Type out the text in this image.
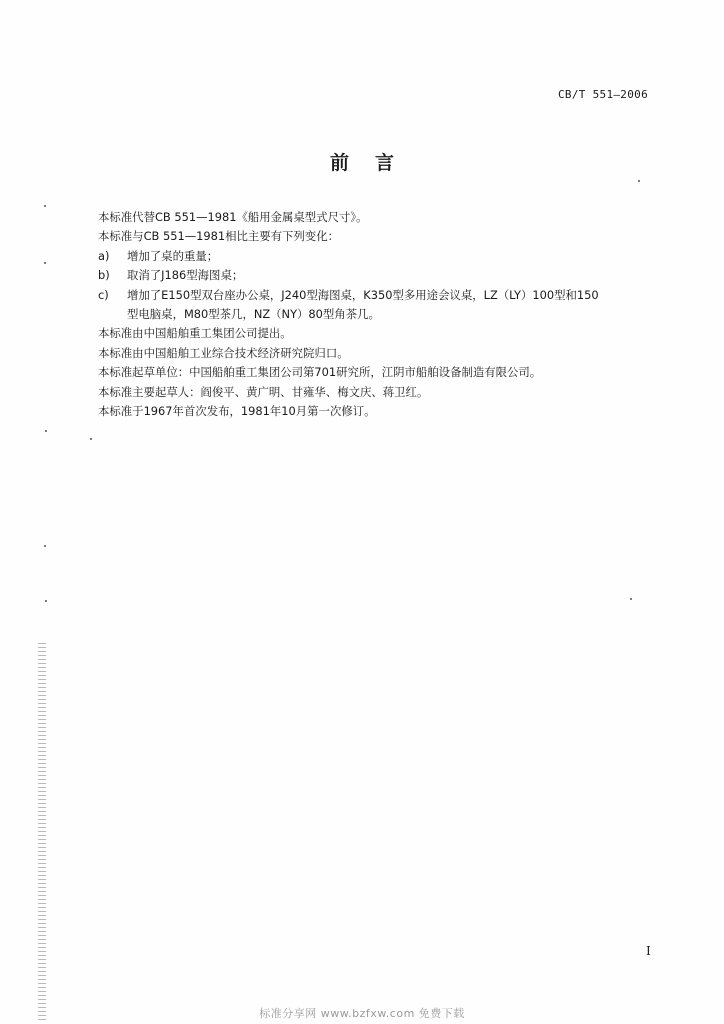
CB/T 551—2006
前言
本标准代替CB 551—1981《船用金属桌型式尺寸》。
本标准与CB 551—1981相比主要有下列变化：
a)	增加了桌的重量；
b)	取消了J186型海图桌；
c)	增加了E150型双台座办公桌，J240型海图桌，K350型多用途会议桌，LZ（LY）100型和150
型电脑桌，M80型茶几，NZ（NY）80型角茶几。
本标准由中国船舶重工集团公司提出。
本标准由中国船舶工业综合技术经济研究院归口。
本标准起草单位：中国船舶重工集团公司第701研究所，江阴市船舶设备制造有限公司。
本标准主要起草人：阎俊平、黄广明、甘雍华、梅文庆、蒋卫红。
本标准于1967年首次发布，1981年10月第一次修订。
I
标准分享网 www.bzfxw.com 免费下载
